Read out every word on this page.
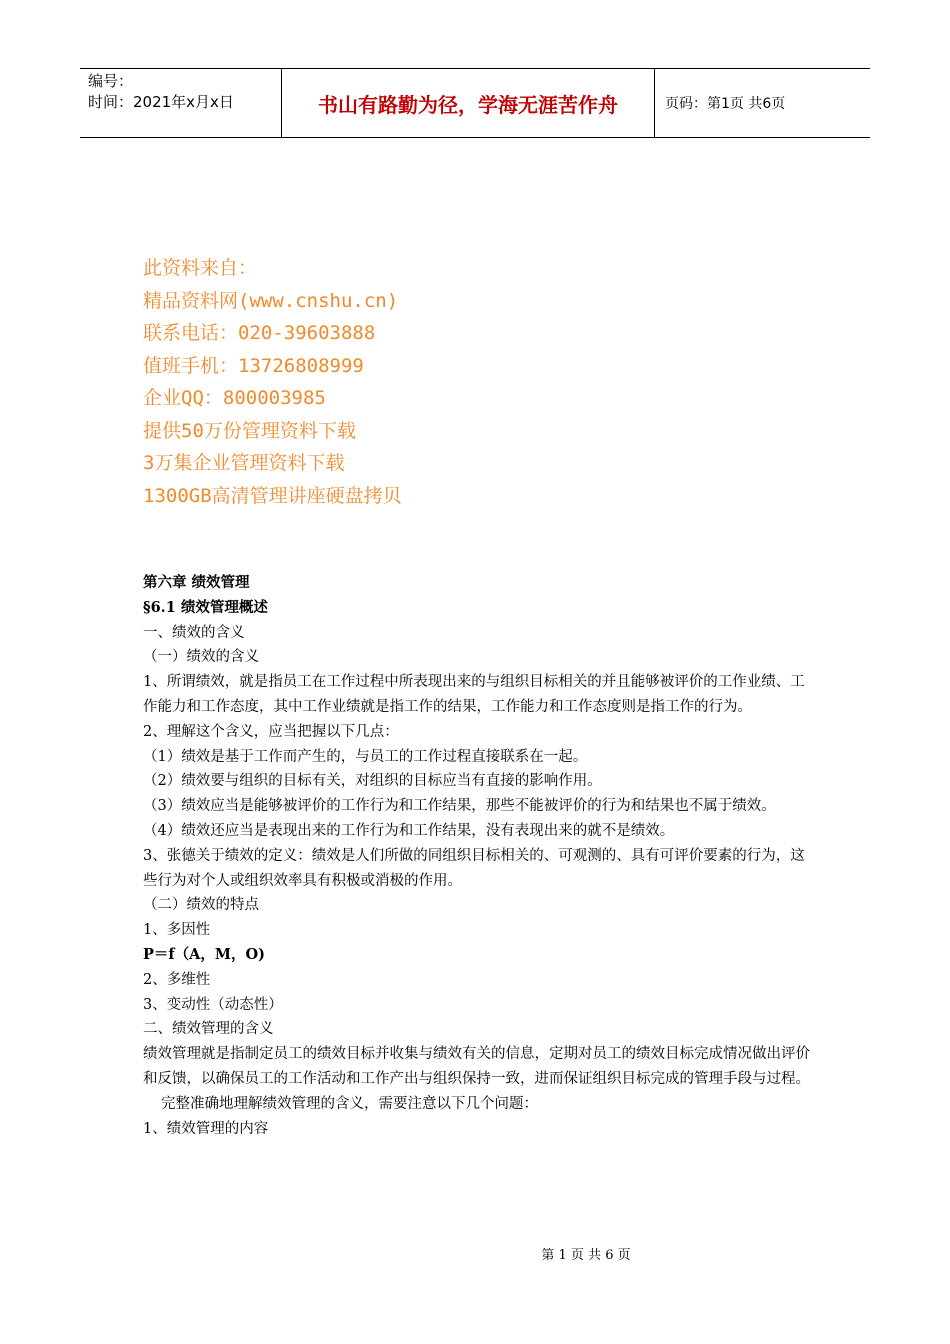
编号：
时间：2021年x月x日	书山有路勤为径，学海无涯苦作舟	页码：第1页 共6页
此资料来自：
精品资料网(www.cnshu.cn)
联系电话：020-39603888
值班手机：13726808999
企业QQ：800003985
提供50万份管理资料下载
3万集企业管理资料下载
1300GB高清管理讲座硬盘拷贝

第六章 绩效管理

§6.1 绩效管理概述

一、绩效的含义

（一）绩效的含义

1、所谓绩效，就是指员工在工作过程中所表现出来的与组织目标相关的并且能够被评价的工作业绩、工作能力和工作态度，其中工作业绩就是指工作的结果，工作能力和工作态度则是指工作的行为。

2、理解这个含义，应当把握以下几点：

（1）绩效是基于工作而产生的，与员工的工作过程直接联系在一起。

（2）绩效要与组织的目标有关，对组织的目标应当有直接的影响作用。

（3）绩效应当是能够被评价的工作行为和工作结果，那些不能被评价的行为和结果也不属于绩效。

（4）绩效还应当是表现出来的工作行为和工作结果，没有表现出来的就不是绩效。

3、张德关于绩效的定义：绩效是人们所做的同组织目标相关的、可观测的、具有可评价要素的行为，这些行为对个人或组织效率具有积极或消极的作用。

（二）绩效的特点

1、多因性

P＝f（A，M，O)

2、多维性

3、变动性（动态性）

二、绩效管理的含义

绩效管理就是指制定员工的绩效目标并收集与绩效有关的信息，定期对员工的绩效目标完成情况做出评价和反馈，以确保员工的工作活动和工作产出与组织保持一致，进而保证组织目标完成的管理手段与过程。

完整准确地理解绩效管理的含义，需要注意以下几个问题：

1、绩效管理的内容

第 1 页 共 6 页
